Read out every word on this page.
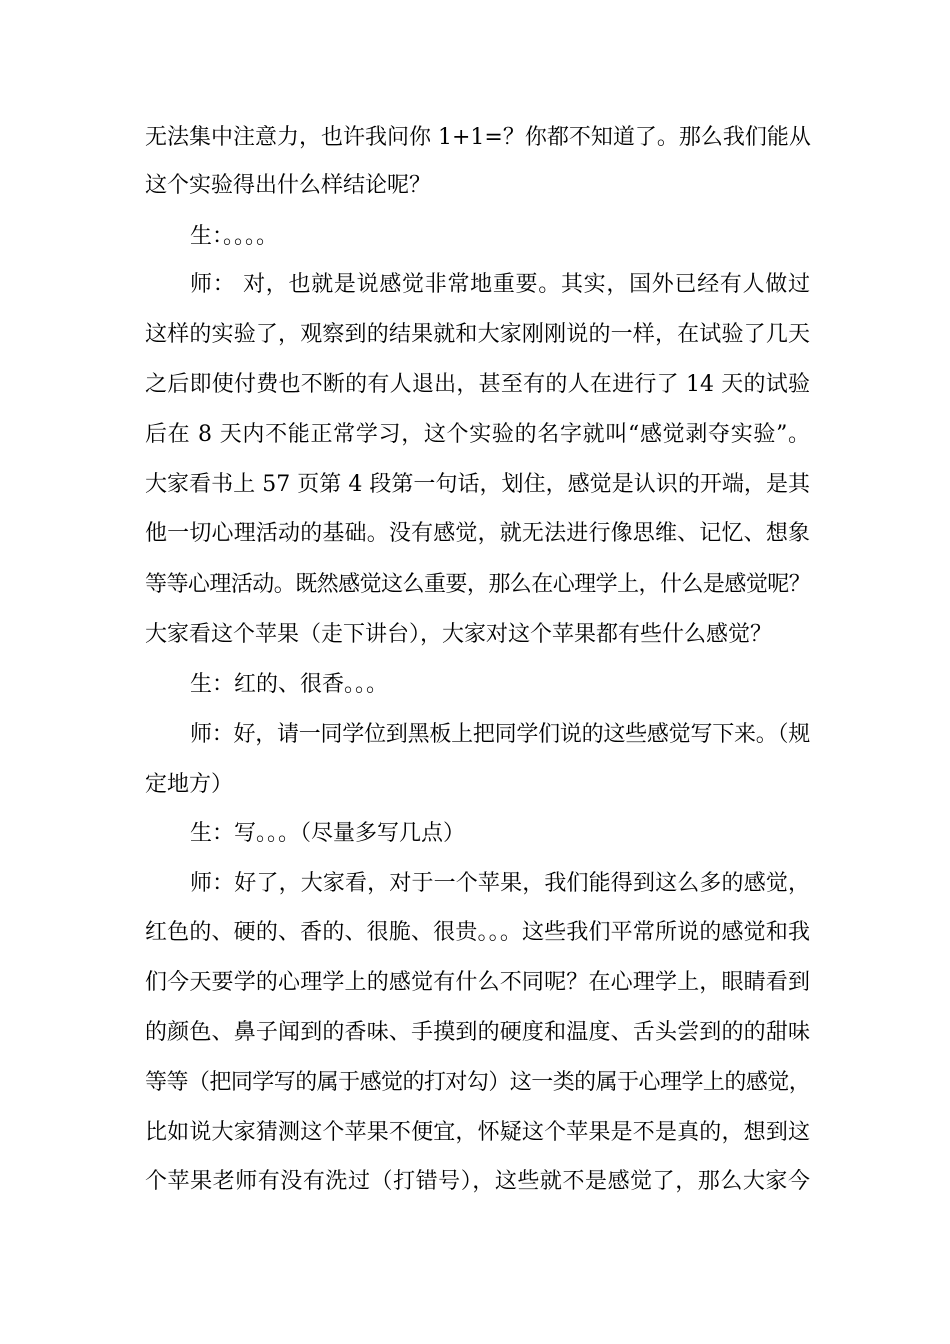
无法集中注意力，也许我问你 1+1=？你都不知道了。那么我们能从
这个实验得出什么样结论呢？
生：。。。。
师： 对，也就是说感觉非常地重要。其实，国外已经有人做过
这样的实验了，观察到的结果就和大家刚刚说的一样，在试验了几天
之后即使付费也不断的有人退出，甚至有的人在进行了 14 天的试验
后在 8 天内不能正常学习，这个实验的名字就叫“感觉剥夺实验”。
大家看书上 57 页第 4 段第一句话，划住，感觉是认识的开端，是其
他一切心理活动的基础。没有感觉，就无法进行像思维、记忆、想象
等等心理活动。既然感觉这么重要，那么在心理学上，什么是感觉呢？
大家看这个苹果（走下讲台），大家对这个苹果都有些什么感觉？
生：红的、很香。。。
师：好，请一同学位到黑板上把同学们说的这些感觉写下来。（规
定地方）
生：写。。。（尽量多写几点）
师：好了，大家看，对于一个苹果，我们能得到这么多的感觉，
红色的、硬的、香的、很脆、很贵。。。这些我们平常所说的感觉和我
们今天要学的心理学上的感觉有什么不同呢？在心理学上，眼睛看到
的颜色、鼻子闻到的香味、手摸到的硬度和温度、舌头尝到的的甜味
等等（把同学写的属于感觉的打对勾）这一类的属于心理学上的感觉，
比如说大家猜测这个苹果不便宜，怀疑这个苹果是不是真的，想到这
个苹果老师有没有洗过（打错号），这些就不是感觉了，那么大家今
